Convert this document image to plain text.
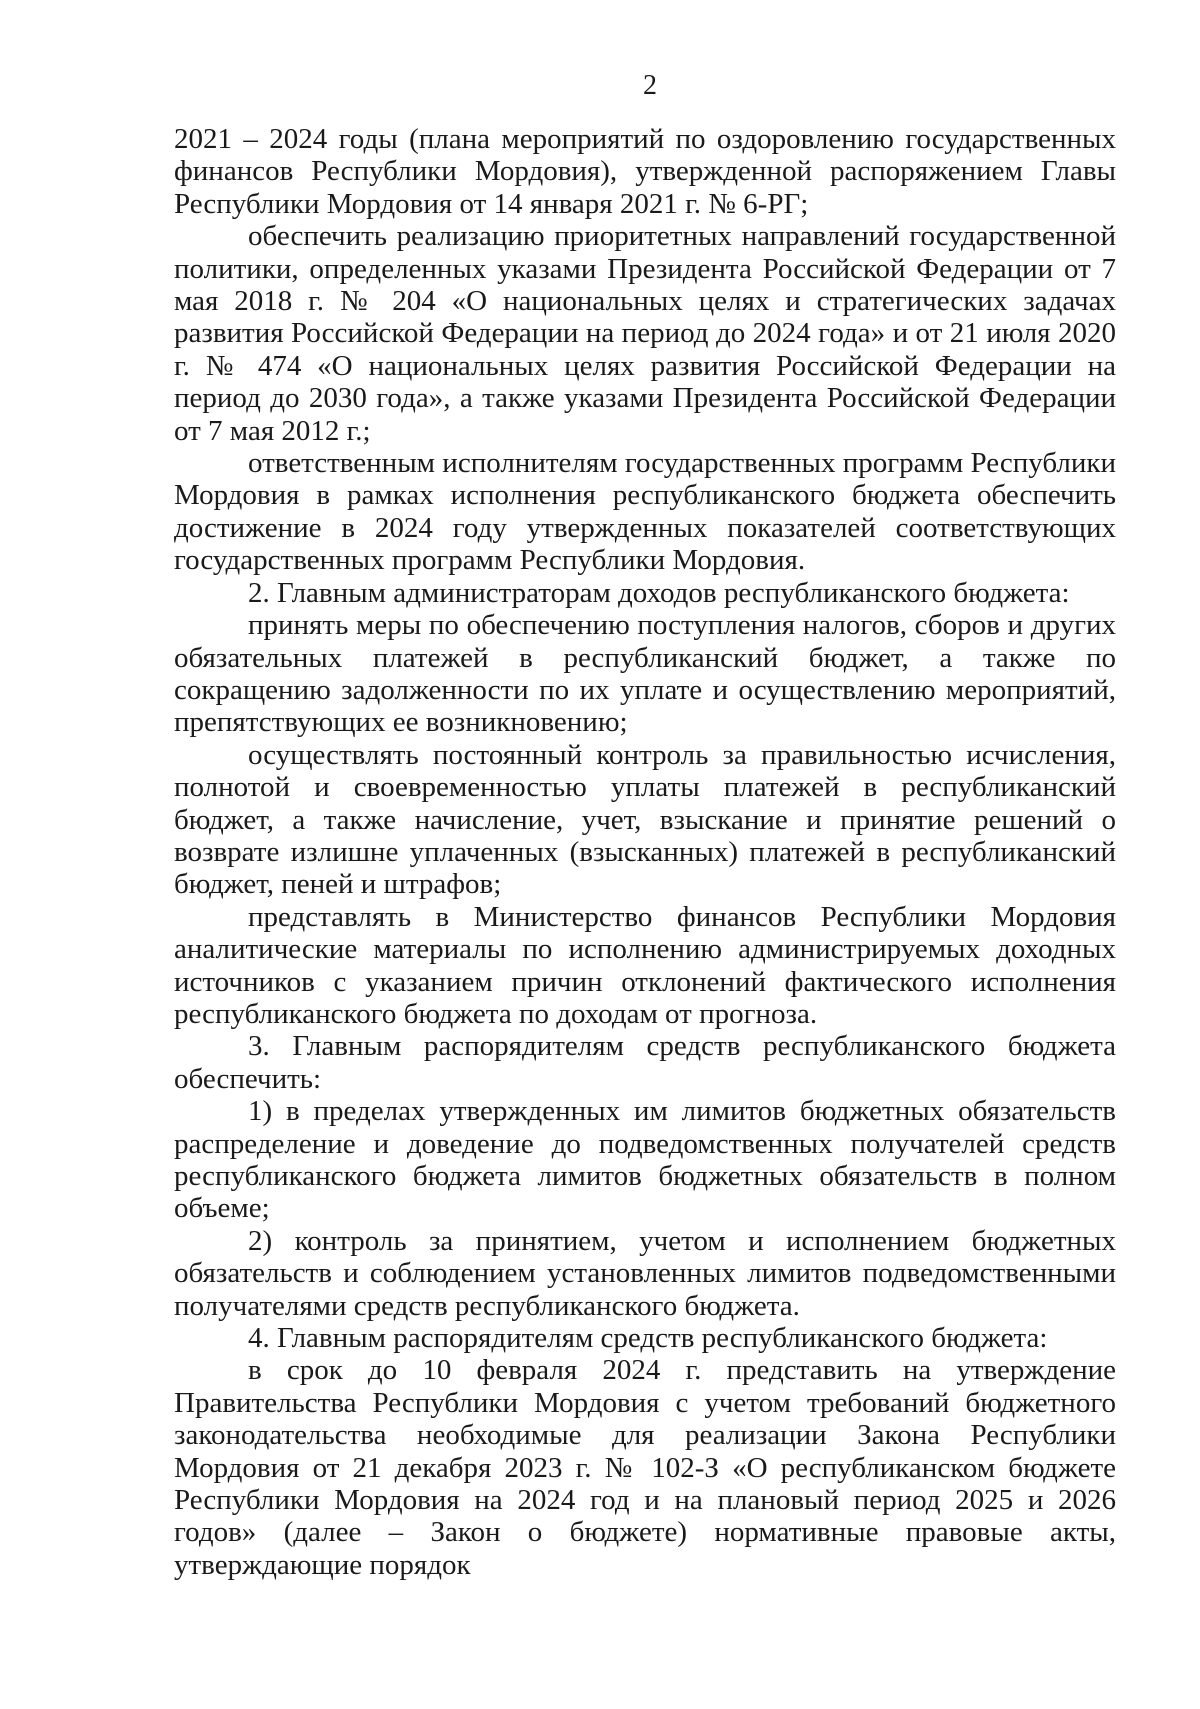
2

2021 – 2024 годы (плана мероприятий по оздоровлению государственных финансов Республики Мордовия), утвержденной распоряжением Главы Республики Мордовия от 14 января 2021 г. № 6-РГ;

обеспечить реализацию приоритетных направлений государственной политики, определенных указами Президента Российской Федерации от 7 мая 2018 г. № 204 «О национальных целях и стратегических задачах развития Российской Федерации на период до 2024 года» и от 21 июля 2020 г. № 474 «О национальных целях развития Российской Федерации на период до 2030 года», а также указами Президента Российской Федерации от 7 мая 2012 г.;

ответственным исполнителям государственных программ Республики Мордовия в рамках исполнения республиканского бюджета обеспечить достижение в 2024 году утвержденных показателей соответствующих государственных программ Республики Мордовия.

2. Главным администраторам доходов республиканского бюджета:

принять меры по обеспечению поступления налогов, сборов и других обязательных платежей в республиканский бюджет, а также по сокращению задолженности по их уплате и осуществлению мероприятий, препятствующих ее возникновению;

осуществлять постоянный контроль за правильностью исчисления, полнотой и своевременностью уплаты платежей в республиканский бюджет, а также начисление, учет, взыскание и принятие решений о возврате излишне уплаченных (взысканных) платежей в республиканский бюджет, пеней и штрафов;

представлять в Министерство финансов Республики Мордовия аналитические материалы по исполнению администрируемых доходных источников с указанием причин отклонений фактического исполнения республиканского бюджета по доходам от прогноза.

3. Главным распорядителям средств республиканского бюджета обеспечить:

1) в пределах утвержденных им лимитов бюджетных обязательств распределение и доведение до подведомственных получателей средств республиканского бюджета лимитов бюджетных обязательств в полном объеме;

2) контроль за принятием, учетом и исполнением бюджетных обязательств и соблюдением установленных лимитов подведомственными получателями средств республиканского бюджета.

4. Главным распорядителям средств республиканского бюджета:

в срок до 10 февраля 2024 г. представить на утверждение Правительства Республики Мордовия с учетом требований бюджетного законодательства необходимые для реализации Закона Республики Мордовия от 21 декабря 2023 г. № 102-З «О республиканском бюджете Республики Мордовия на 2024 год и на плановый период 2025 и 2026 годов» (далее – Закон о бюджете) нормативные правовые акты, утверждающие порядок
